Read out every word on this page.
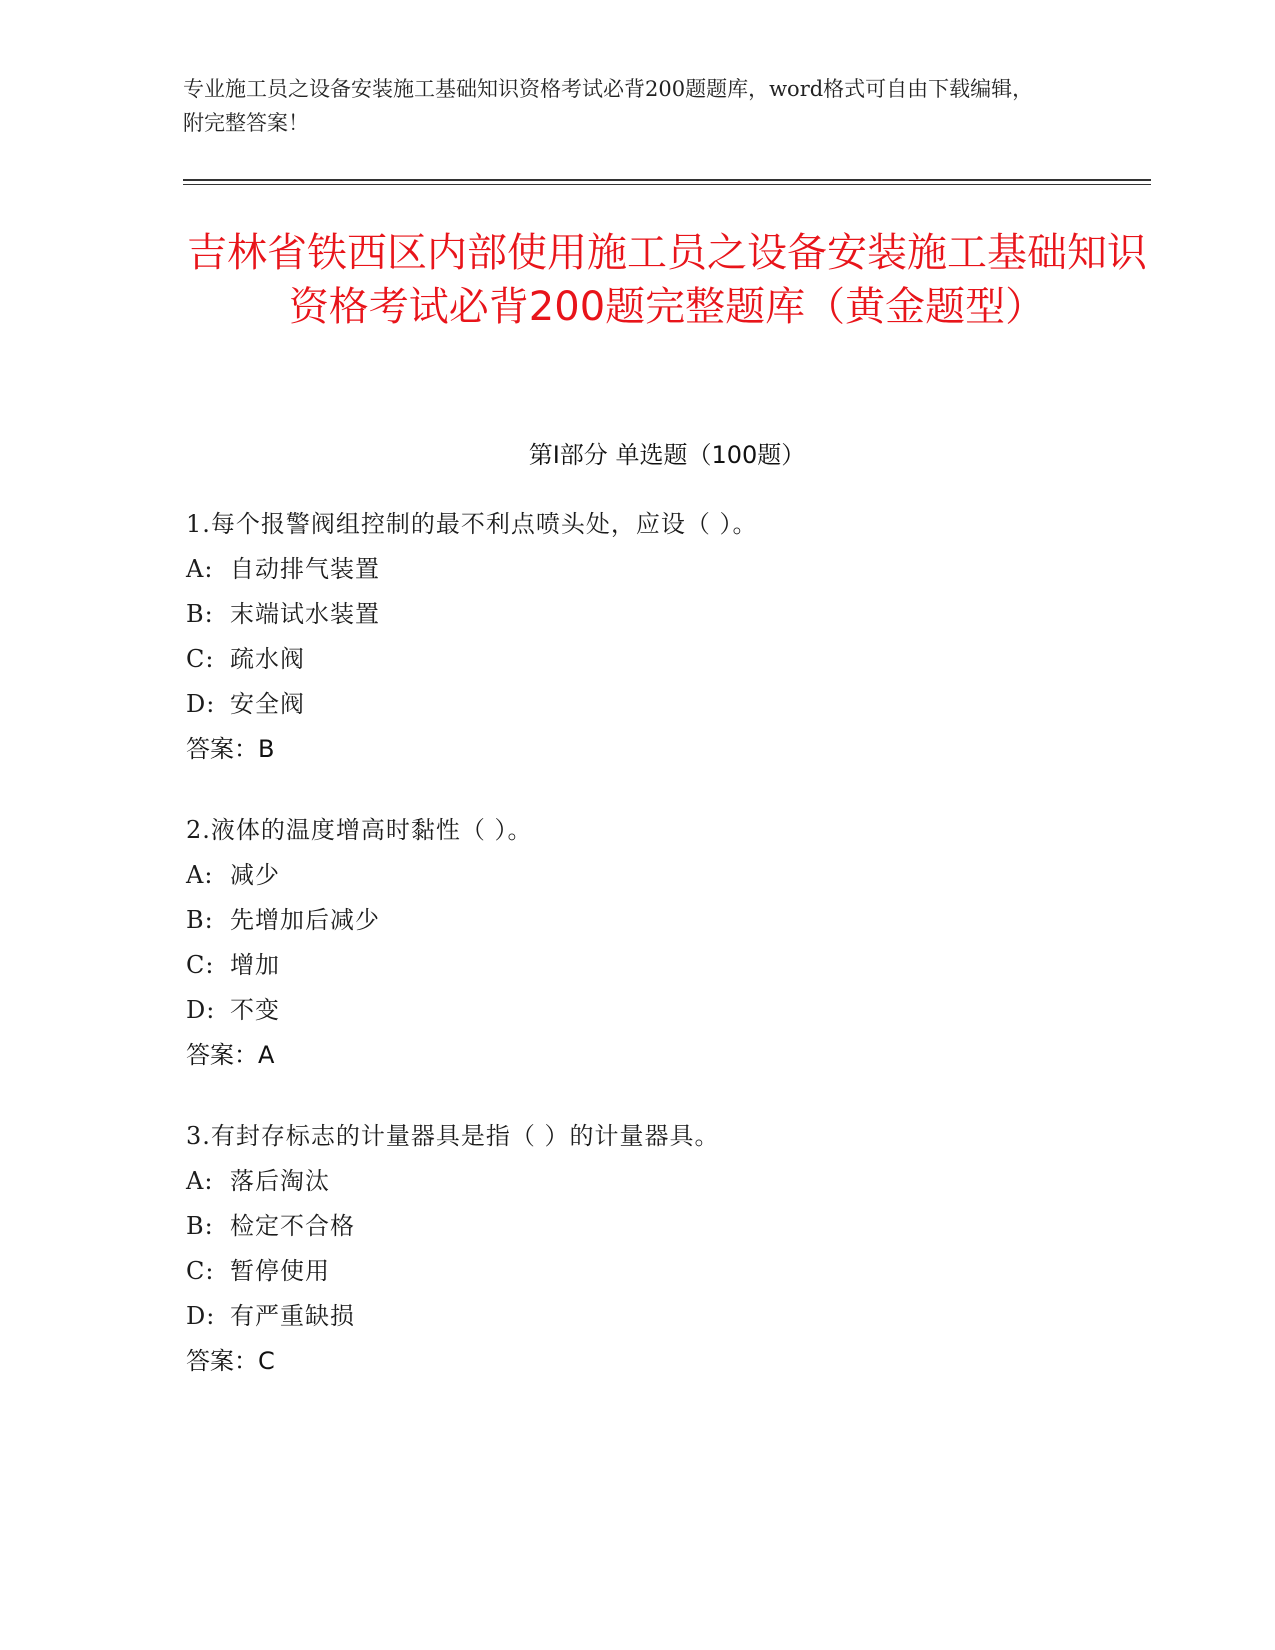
专业施工员之设备安装施工基础知识资格考试必背200题题库，word格式可自由下载编辑，附完整答案！
吉林省铁西区内部使用施工员之设备安装施工基础知识资格考试必背200题完整题库（黄金题型）
第Ⅰ部分 单选题（100题）
1.每个报警阀组控制的最不利点喷头处，应设（ ）。
A: 自动排气装置
B: 末端试水装置
C: 疏水阀
D: 安全阀
答案：B
2.液体的温度增高时黏性（ ）。
A: 减少
B: 先增加后减少
C: 增加
D: 不变
答案：A
3.有封存标志的计量器具是指（ ）的计量器具。
A: 落后淘汰
B: 检定不合格
C: 暂停使用
D: 有严重缺损
答案：C
